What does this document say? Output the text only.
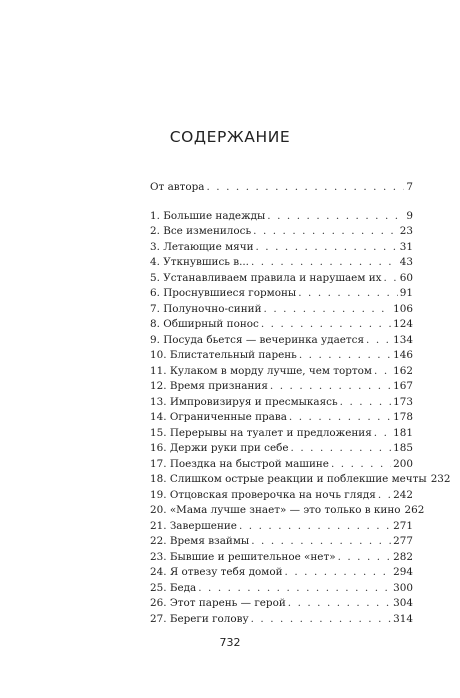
СОДЕРЖАНИЕ
От автора . . .	7
1. Большие надежды . . .	9
2. Все изменилось . . .	23
3. Летающие мячи . . .	31
4. Уткнувшись в... . . .	43
5. Устанавливаем правила и нарушаем их . . . 60
6. Проснувшиеся гормоны . . .	91
7. Полуночно-синий . . .	106
8. Обширный понос . . .	124
9. Посуда бьется — вечеринка удается . . .	134
10. Блистательный парень . . .	146
11. Кулаком в морду лучше, чем тортом . . . 162
12. Время признания . . .	167
13. Импровизируя и пресмыкаясь . . .	173
14. Ограниченные права . . .	178
15. Перерывы на туалет и предложения . . . 181
16. Держи руки при себе . . .	185
17. Поездка на быстрой машине . . .	200
18. Слишком острые реакции и поблекшие мечты 232
19. Отцовская проверочка на ночь глядя . . . 242
20. «Мама лучше знает» — это только в кино 262
21. Завершение . . .	271
22. Время взаймы . . .	277
23. Бывшие и решительное «нет» . . .	282
24. Я отвезу тебя домой . . .	294
25. Беда . . .	300
26. Этот парень — герой . . .	304
27. Береги голову . . .	314
732
